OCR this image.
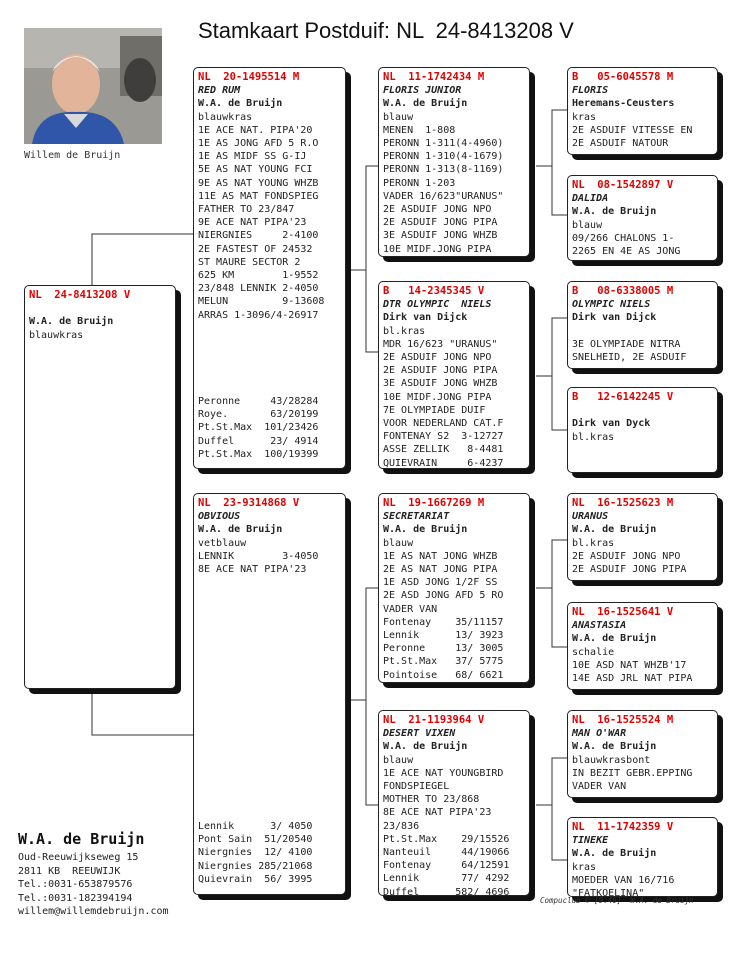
Stamkaart Postduif: NL  24-8413208 V
Willem de Bruijn
NL  24-8413208 V

W.A. de Bruijn
blauwkras
NL  20-1495514 M
RED RUM
W.A. de Bruijn
blauwkras
1E ACE NAT. PIPA'20
1E AS JONG AFD 5 R.O
1E AS MIDF SS G-IJ
5E AS NAT YOUNG FCI
9E AS NAT YOUNG WHZB
11E AS MAT FONDSPIEG
FATHER TO 23/847
9E ACE NAT PIPA'23
NIERGNIES     2-4100
2E FASTEST OF 24532
ST MAURE SECTOR 2
625 KM        1-9552
23/848 LENNIK 2-4050
MELUN         9-13608
ARRAS 1-3096/4-26917
Peronne     43/28284
Roye.       63/20199
Pt.St.Max  101/23426
Duffel      23/ 4914
Pt.St.Max  100/19399
NL  23-9314868 V
OBVIOUS
W.A. de Bruijn
vetblauw
LENNIK        3-4050
8E ACE NAT PIPA'23
Lennik      3/ 4050
Pont Sain  51/20540
Niergnies  12/ 4100
Niergnies 285/21068
Quievrain  56/ 3995
NL  11-1742434 M
FLORIS JUNIOR
W.A. de Bruijn
blauw
MENEN  1-808
PERONN 1-311(4-4960)
PERONN 1-310(4-1679)
PERONN 1-313(8-1169)
PERONN 1-203
VADER 16/623"URANUS"
2E ASDUIF JONG NPO
2E ASDUIF JONG PIPA
3E ASDUIF JONG WHZB
10E MIDF.JONG PIPA
B   14-2345345 V
DTR OLYMPIC  NIELS
Dirk van Dijck
bl.kras
MDR 16/623 "URANUS"
2E ASDUIF JONG NPO
2E ASDUIF JONG PIPA
3E ASDUIF JONG WHZB
10E MIDF.JONG PIPA
7E OLYMPIADE DUIF
VOOR NEDERLAND CAT.F
FONTENAY S2  3-12727
ASSE ZELLIK   8-4481
QUIEVRAIN     6-4237
NL  19-1667269 M
SECRETARIAT
W.A. de Bruijn
blauw
1E AS NAT JONG WHZB
2E AS NAT JONG PIPA
1E ASD JONG 1/2F SS
2E ASD JONG AFD 5 RO
VADER VAN
Fontenay    35/11157
Lennik      13/ 3923
Peronne     13/ 3005
Pt.St.Max   37/ 5775
Pointoise   68/ 6621
NL  21-1193964 V
DESERT VIXEN
W.A. de Bruijn
blauw
1E ACE NAT YOUNGBIRD
FONDSPIEGEL
MOTHER TO 23/868
8E ACE NAT PIPA'23
23/836
Pt.St.Max    29/15526
Nanteuil     44/19066
Fontenay     64/12591
Lennik       77/ 4292
Duffel      582/ 4696
B   05-6045578 M
FLORIS
Heremans-Ceusters
kras
2E ASDUIF VITESSE EN
2E ASDUIF NATOUR
NL  08-1542897 V
DALIDA
W.A. de Bruijn
blauw
09/266 CHALONS 1-
2265 EN 4E AS JONG
B   08-6338005 M
OLYMPIC NIELS
Dirk van Dijck

3E OLYMPIADE NITRA
SNELHEID, 2E ASDUIF
B   12-6142245 V

Dirk van Dyck
bl.kras
NL  16-1525623 M
URANUS
W.A. de Bruijn
bl.kras
2E ASDUIF JONG NPO
2E ASDUIF JONG PIPA
NL  16-1525641 V
ANASTASIA
W.A. de Bruijn
schalie
10E ASD NAT WHZB'17
14E ASD JRL NAT PIPA
NL  16-1525524 M
MAN O'WAR
W.A. de Bruijn
blauwkrasbont
IN BEZIT GEBR.EPPING
VADER VAN
NL  11-1742359 V
TINEKE
W.A. de Bruijn
kras
MOEDER VAN 16/716
"FATKOELINA"
W.A. de Bruijn
Oud-Reeuwijkseweg 15
2811 KB  REEUWIJK
Tel.:0031-653879576
Tel.:0031-182394194
willem@willemdebruijn.com
Compuclub © [9.46]  W.A. de Bruijn
